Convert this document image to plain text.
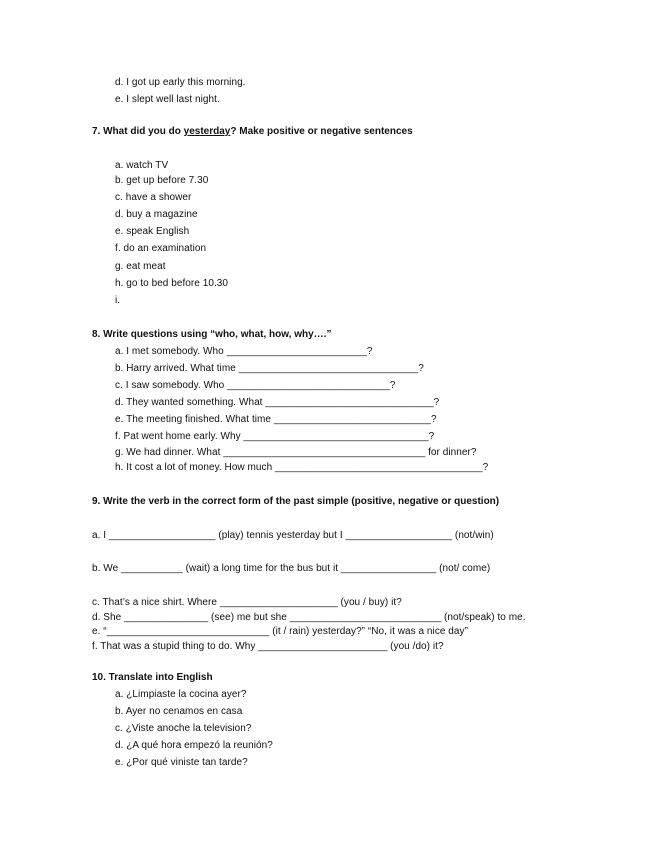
d. I got up early this morning.
e. I slept well last night.
7. What did you do yesterday? Make positive or negative sentences
a. watch TV
b. get up before 7.30
c. have a shower
d. buy a magazine
e. speak English
f. do an examination
g. eat meat
h. go to bed before 10.30
i.
8. Write questions using “who, what, how, why….”
a. I met somebody. Who _________________________?
b. Harry arrived. What time ________________________________?
c. I saw somebody. Who _____________________________?
d. They wanted something. What ______________________________?
e. The meeting finished. What time ____________________________?
f. Pat went home early. Why _________________________________?
g. We had dinner. What ____________________________________ for dinner?
h. It cost a lot of money. How much _____________________________________?
9. Write the verb in the correct form of the past simple (positive, negative or question)
a. I ___________________ (play) tennis yesterday but I ___________________ (not/win)
b. We ___________ (wait) a long time for the bus but it _________________ (not/ come)
c. That’s a nice shirt. Where _____________________ (you / buy) it?
d. She _______________ (see) me but she ___________________________ (not/speak) to me.
e. “_____________________________ (it / rain) yesterday?” “No, it was a nice day”
f. That was a stupid thing to do. Why _______________________ (you /do) it?
10. Translate into English
a. ¿Limpiaste la cocina ayer?
b. Ayer no cenamos en casa
c. ¿Viste anoche la television?
d. ¿A qué hora empezó la reunión?
e. ¿Por qué viniste tan tarde?
